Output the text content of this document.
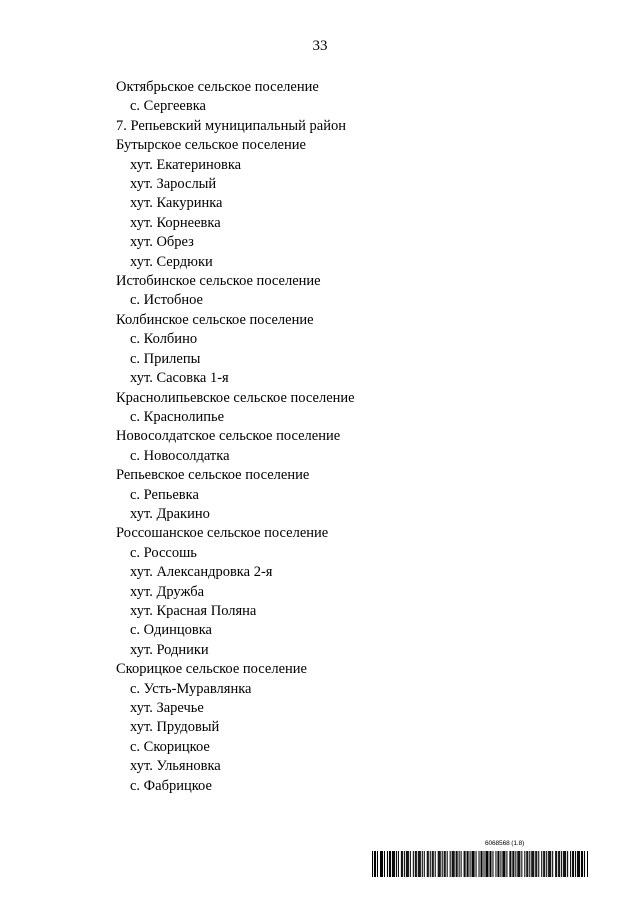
33
Октябрьское сельское поселение
с. Сергеевка
7. Репьевский муниципальный район
Бутырское сельское поселение
хут. Екатериновка
хут. Зарослый
хут. Какуринка
хут. Корнеевка
хут. Обрез
хут. Сердюки
Истобинское сельское поселение
с. Истобное
Колбинское сельское поселение
с. Колбино
с. Прилепы
хут. Сасовка 1-я
Краснолипьевское сельское поселение
с. Краснолипье
Новосолдатское сельское поселение
с. Новосолдатка
Репьевское сельское поселение
с. Репьевка
хут. Дракино
Россошанское сельское поселение
с. Россошь
хут. Александровка 2-я
хут. Дружба
хут. Красная Поляна
с. Одинцовка
хут. Родники
Скорицкое сельское поселение
с. Усть-Муравлянка
хут. Заречье
хут. Прудовый
с. Скорицкое
хут. Ульяновка
с. Фабрицкое
6068568 (1.8)
